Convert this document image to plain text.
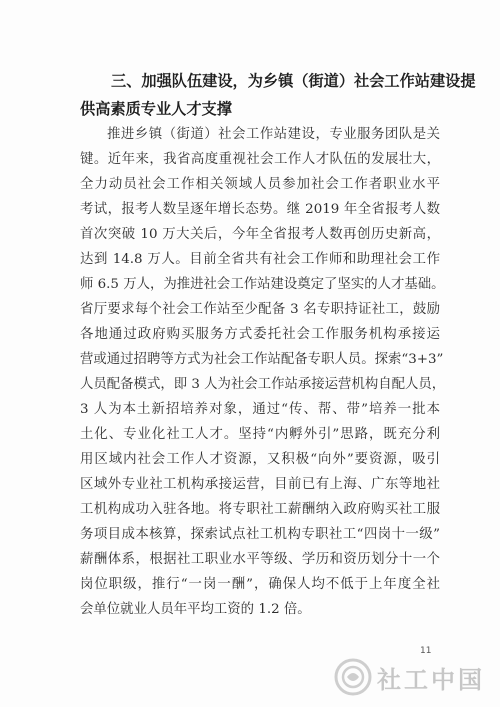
三、加强队伍建设，为乡镇（街道）社会工作站建设提
供高素质专业人才支撑
推进乡镇（街道）社会工作站建设，专业服务团队是关
键。近年来，我省高度重视社会工作人才队伍的发展壮大，
全力动员社会工作相关领域人员参加社会工作者职业水平
考试，报考人数呈逐年增长态势。继 2019 年全省报考人数
首次突破 10 万大关后，今年全省报考人数再创历史新高，
达到 14.8 万人。目前全省共有社会工作师和助理社会工作
师 6.5 万人，为推进社会工作站建设奠定了坚实的人才基础。
省厅要求每个社会工作站至少配备 3 名专职持证社工，鼓励
各地通过政府购买服务方式委托社会工作服务机构承接运
营或通过招聘等方式为社会工作站配备专职人员。探索“3+3”
人员配备模式，即 3 人为社会工作站承接运营机构自配人员，
3 人为本土新招培养对象，通过“传、帮、带”培养一批本
土化、专业化社工人才。坚持“内孵外引”思路，既充分利
用区域内社会工作人才资源，又积极“向外”要资源，吸引
区域外专业社工机构承接运营，目前已有上海、广东等地社
工机构成功入驻各地。将专职社工薪酬纳入政府购买社工服
务项目成本核算，探索试点社工机构专职社工“四岗十一级”
薪酬体系，根据社工职业水平等级、学历和资历划分十一个
岗位职级，推行“一岗一酬”，确保人均不低于上年度全社
会单位就业人员年平均工资的 1.2 倍。
11
社工中国
